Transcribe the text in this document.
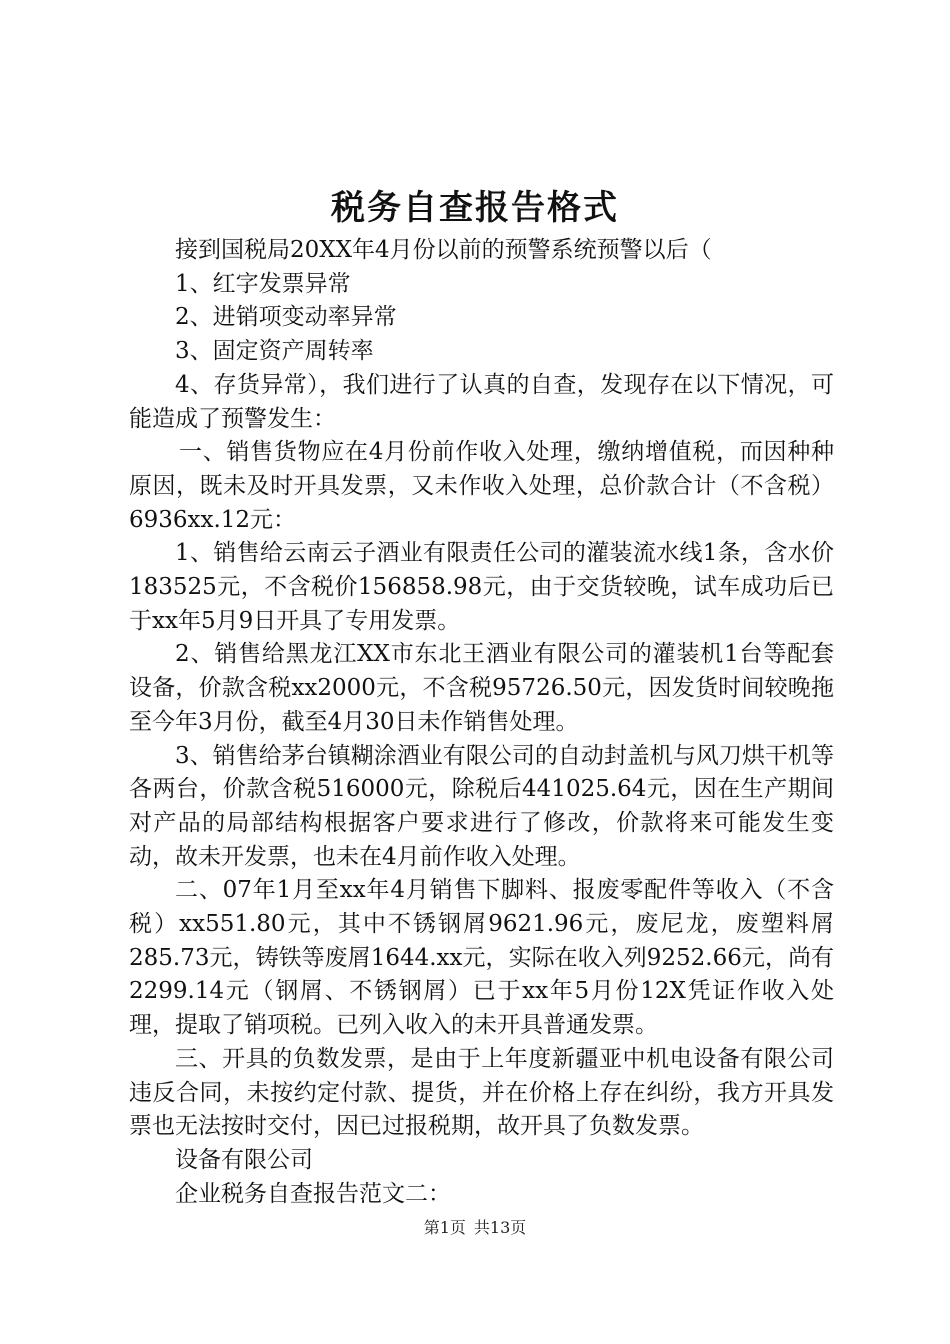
税务自查报告格式

接到国税局20XX年4月份以前的预警系统预警以后（

1、红字发票异常

2、进销项变动率异常

3、固定资产周转率

4、存货异常），我们进行了认真的自查，发现存在以下情况，可能造成了预警发生：

一、销售货物应在4月份前作收入处理，缴纳增值税，而因种种原因，既未及时开具发票，又未作收入处理，总价款合计（不含税）6936xx.12元：

1、销售给云南云子酒业有限责任公司的灌装流水线1条，含水价183525元，不含税价156858.98元，由于交货较晚，试车成功后已于xx年5月9日开具了专用发票。

2、销售给黑龙江XX市东北王酒业有限公司的灌装机1台等配套设备，价款含税xx2000元，不含税95726.50元，因发货时间较晚拖至今年3月份，截至4月30日未作销售处理。

3、销售给茅台镇糊涂酒业有限公司的自动封盖机与风刀烘干机等各两台，价款含税516000元，除税后441025.64元，因在生产期间对产品的局部结构根据客户要求进行了修改，价款将来可能发生变动，故未开发票，也未在4月前作收入处理。

二、07年1月至xx年4月销售下脚料、报废零配件等收入（不含税）xx551.80元，其中不锈钢屑9621.96元，废尼龙，废塑料屑285.73元，铸铁等废屑1644.xx元，实际在收入列9252.66元，尚有2299.14元（钢屑、不锈钢屑）已于xx年5月份12X凭证作收入处理，提取了销项税。已列入收入的未开具普通发票。

三、开具的负数发票，是由于上年度新疆亚中机电设备有限公司违反合同，未按约定付款、提货，并在价格上存在纠纷，我方开具发票也无法按时交付，因已过报税期，故开具了负数发票。

设备有限公司

企业税务自查报告范文二：

第1页 共13页
